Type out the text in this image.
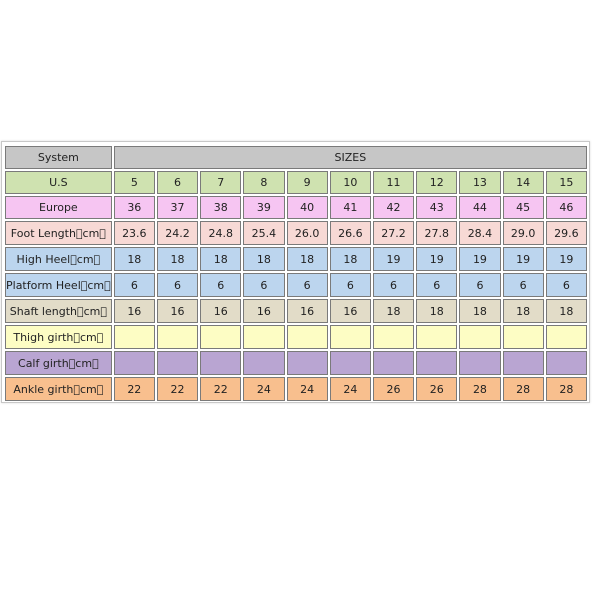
System	SIZES										
U.S	5	6	7	8	9	10	11	12	13	14	15
Europe	36	37	38	39	40	41	42	43	44	45	46
Foot Length cm 	23.6	24.2	24.8	25.4	26.0	26.6	27.2	27.8	28.4	29.0	29.6
High Heel cm 	18	18	18	18	18	18	19	19	19	19	19
Platform Heel cm 	6	6	6	6	6	6	6	6	6	6	6
Shaft length cm 	16	16	16	16	16	16	18	18	18	18	18
Thigh girth cm 											
Calf girth cm 											
Ankle girth cm 	22	22	22	24	24	24	26	26	28	28	28
